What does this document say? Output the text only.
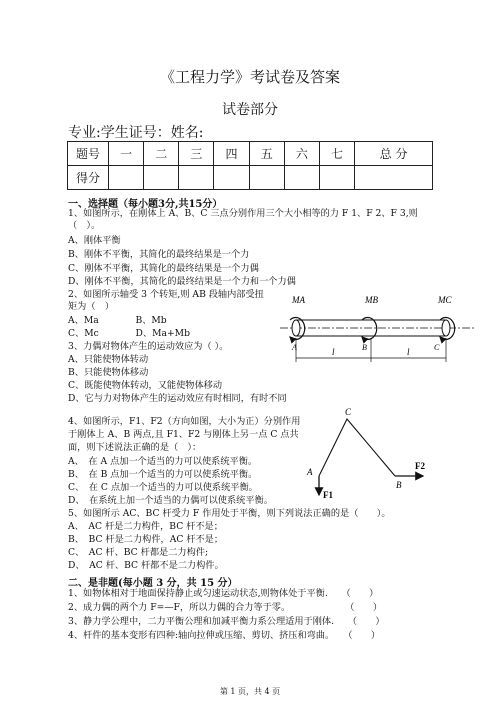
《工程力学》考试卷及答案
试卷部分
专业:学生证号：姓名:
题号	一	二	三	四	五	六	七	总 分
得分								
一、选择题（每小题3分,共15分）
1、如图所示，在刚体上 A、B、C 三点分别作用三个大小相等的力 F 1、F 2、F 3,则
（　）。
A、刚体平衡
B、刚体不平衡，其简化的最终结果是一个力
C、刚体不平衡，其简化的最终结果是一个力偶
D、刚体不平衡，其简化的最终结果是一个力和一个力偶
2、如图所示轴受 3 个转矩,则 AB 段轴内部受扭
矩为（　）
A、Ma　　　　B、Mb
C、Mc　　　　D、Ma+Mb
3、力偶对物体产生的运动效应为（ ）。
A、只能使物体转动
B、只能使物体移动
C、既能使物体转动，又能使物体移动
D、它与力对物体产生的运动效应有时相同，有时不同
4、如图所示，F1、F2（方向如图，大小为正）分别作用
于刚体上 A、B 两点,且 F1、F2 与刚体上另一点 C 点共
面，则下述说法正确的是（　）：
A、　在 A 点加一个适当的力可以使系统平衡。
B、　在 B 点加一个适当的力可以使系统平衡。
C、　在 C 点加一个适当的力可以使系统平衡。
D、　在系统上加一个适当的力偶可以使系统平衡。
5、如图所示 AC、BC 杆受力 F 作用处于平衡，则下列说法正确的是（　　）。
A、　AC 杆是二力构件，BC 杆不是；
B、　BC 杆是二力构件，AC 杆不是；
C、　AC 杆、BC 杆都是二力构件;
D、　AC 杆、BC 杆都不是二力构件。
二、是非题(每小题 3 分，共 15 分）
1、如物体相对于地面保持静止或匀速运动状态,则物体处于平衡.　　（　　）
2、成力偶的两个力 F=—F，所以力偶的合力等于零。　　　　　　　（　　）
3、静力学公理中，二力平衡公理和加减平衡力系公理适用于刚体.　　（　　）
4、杆件的基本变形有四种:轴向拉伸或压缩、剪切、挤压和弯曲。　　（　　）
第 1 页，共 4 页
MA	MB	MC
A	B	C
l	l
C
A
B
F1
F2
